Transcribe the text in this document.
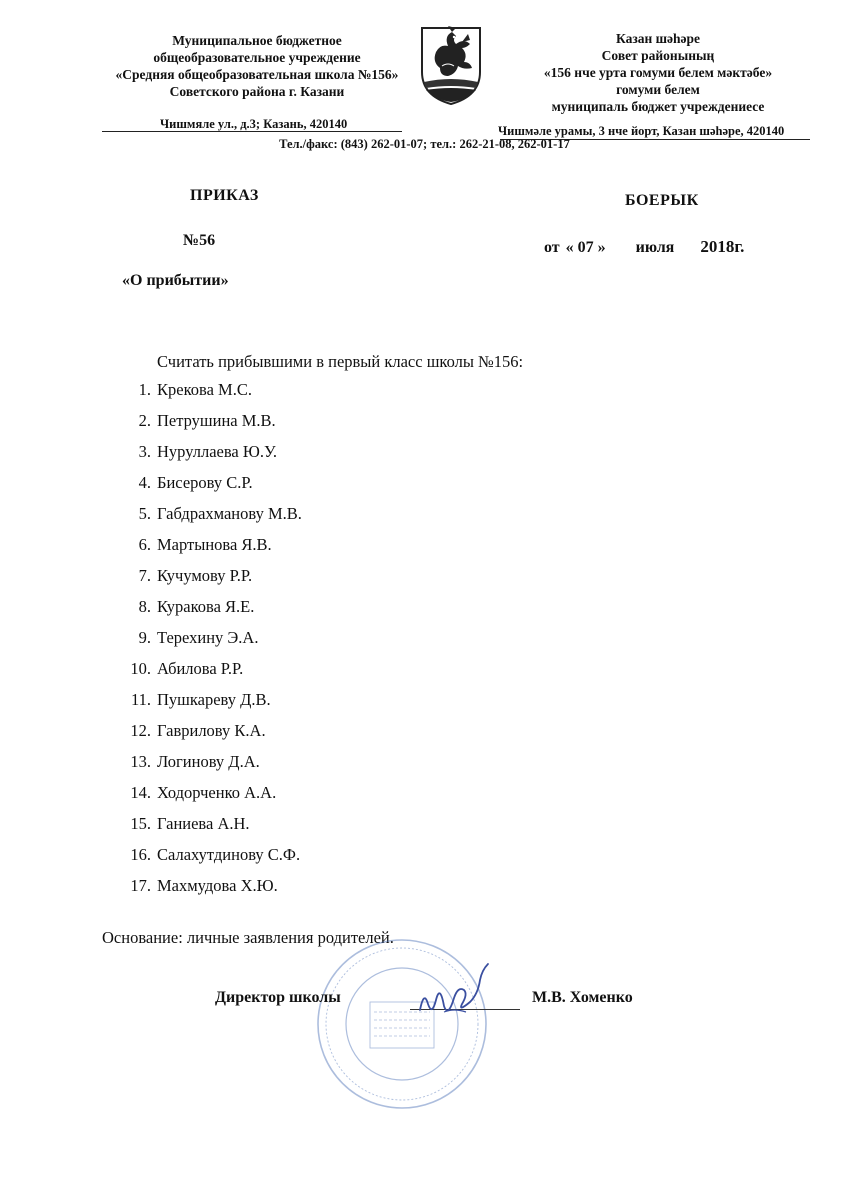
Муниципальное бюджетное
общеобразовательное учреждение
«Средняя общеобразовательная школа №156»
Советского района г. Казани
Казан шәһәре
Совет районының
«156 нче урта гомуми белем мәктәбе»
гомуми белем
муниципаль бюджет учреждениесе
Чишмяле ул., д.3; Казань, 420140	Чишмәле урамы, 3 нче йорт, Казан шәһәре, 420140
Тел./факс: (843) 262-01-07; тел.: 262-21-08, 262-01-17
ПРИКАЗ	БОЕРЫК
№56	от « 07 » июля 2018г.
«О прибытии»
Считать прибывшими в первый класс школы №156:
1. Крекова М.С.
2. Петрушина М.В.
3. Нуруллаева Ю.У.
4. Бисерову С.Р.
5. Габдрахманову М.В.
6. Мартынова Я.В.
7. Кучумову Р.Р.
8. Куракова Я.Е.
9. Терехину Э.А.
10. Абилова Р.Р.
11. Пушкареву Д.В.
12. Гаврилову К.А.
13. Логинову Д.А.
14. Ходорченко А.А.
15. Ганиева А.Н.
16. Салахутдинову С.Ф.
17. Махмудова Х.Ю.
Основание: личные заявления родителей.
Директор школы	М.В. Хоменко
